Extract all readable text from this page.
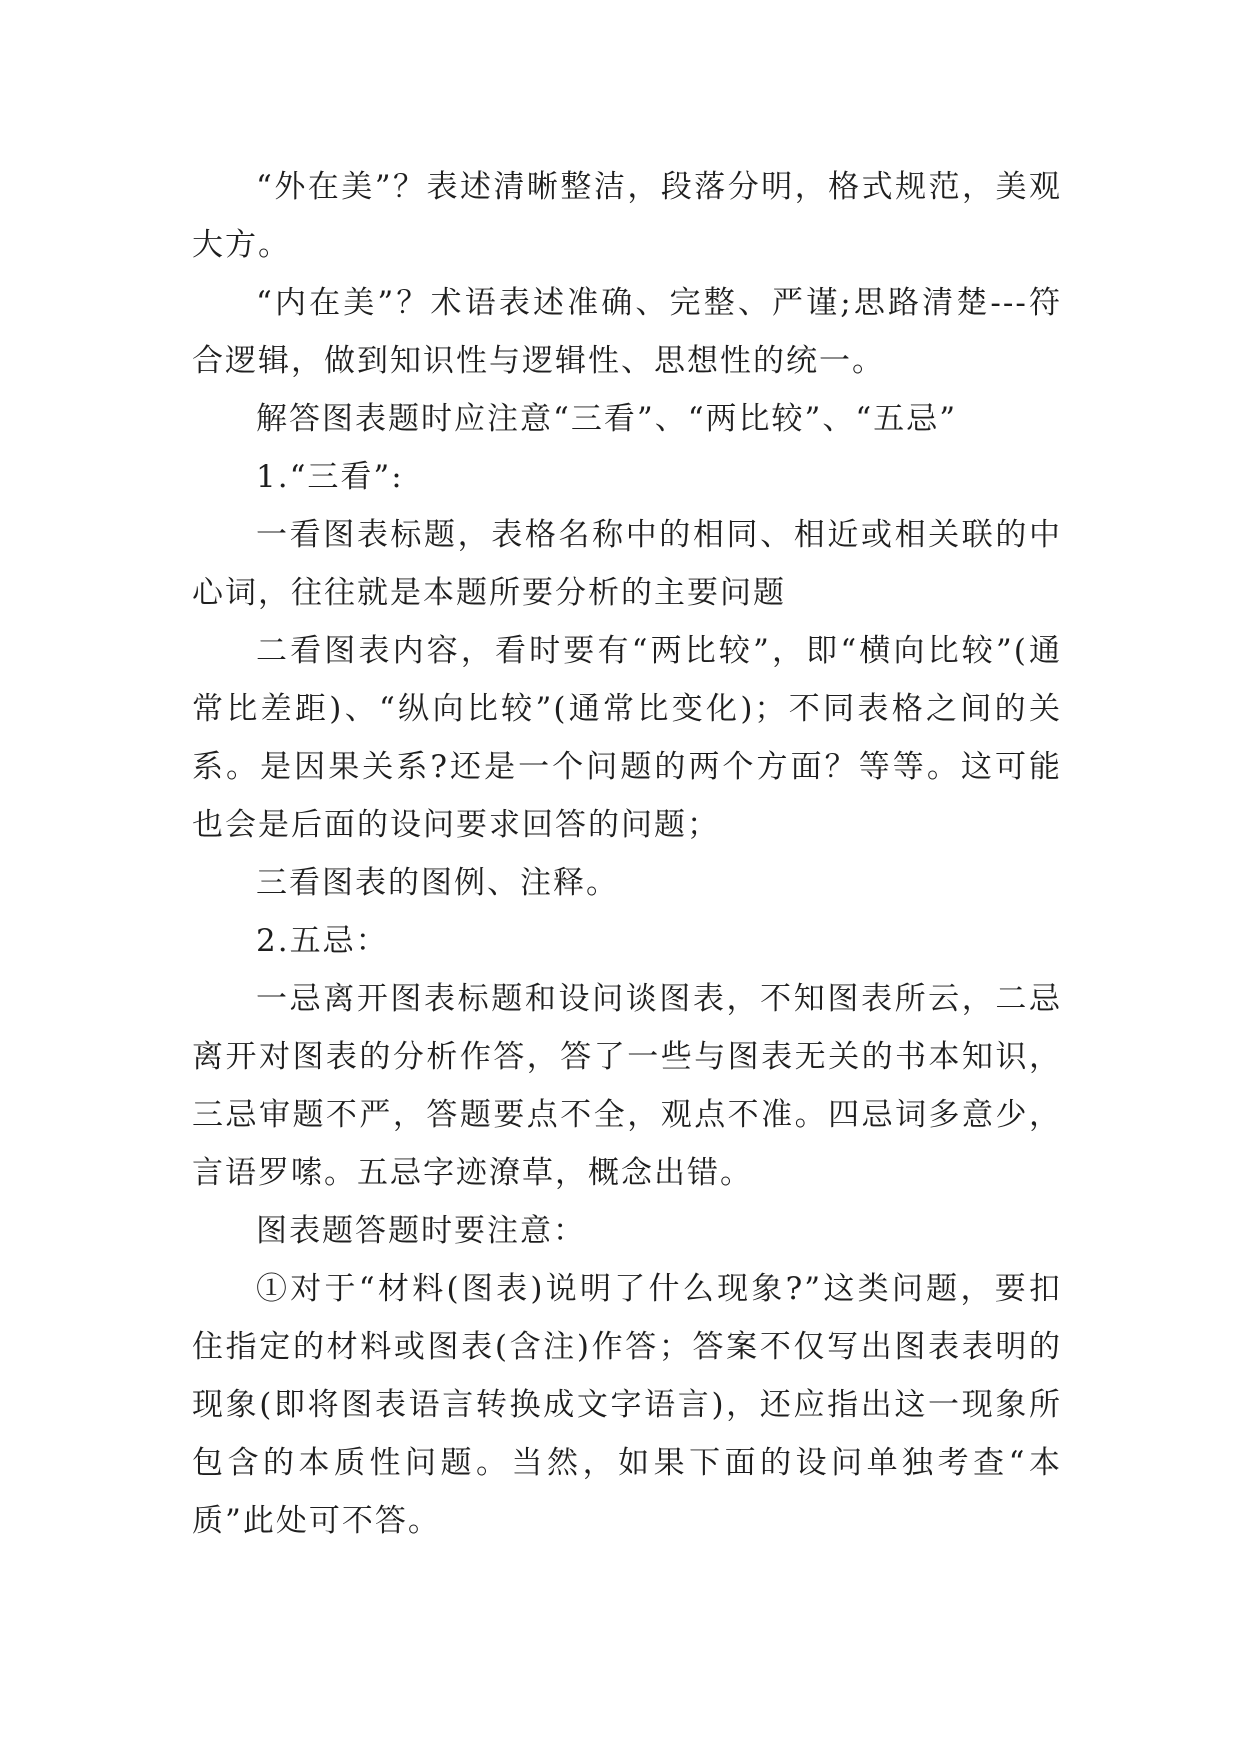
“外在美”？表述清晰整洁，段落分明，格式规范，美观大方。

“内在美”？术语表述准确、完整、严谨;思路清楚---符合逻辑，做到知识性与逻辑性、思想性的统一。

解答图表题时应注意“三看”、“两比较”、“五忌”

1.“三看”:

一看图表标题，表格名称中的相同、相近或相关联的中心词，往往就是本题所要分析的主要问题

二看图表内容，看时要有“两比较”，即“横向比较”(通常比差距)、“纵向比较”(通常比变化)；不同表格之间的关系。是因果关系?还是一个问题的两个方面？等等。这可能也会是后面的设问要求回答的问题；

三看图表的图例、注释。

2.五忌：

一忌离开图表标题和设问谈图表，不知图表所云，二忌离开对图表的分析作答，答了一些与图表无关的书本知识，三忌审题不严，答题要点不全，观点不准。四忌词多意少，言语罗嗦。五忌字迹潦草，概念出错。

图表题答题时要注意：

①对于“材料(图表)说明了什么现象?”这类问题，要扣住指定的材料或图表(含注)作答；答案不仅写出图表表明的现象(即将图表语言转换成文字语言)，还应指出这一现象所包含的本质性问题。当然，如果下面的设问单独考查“本质”此处可不答。
